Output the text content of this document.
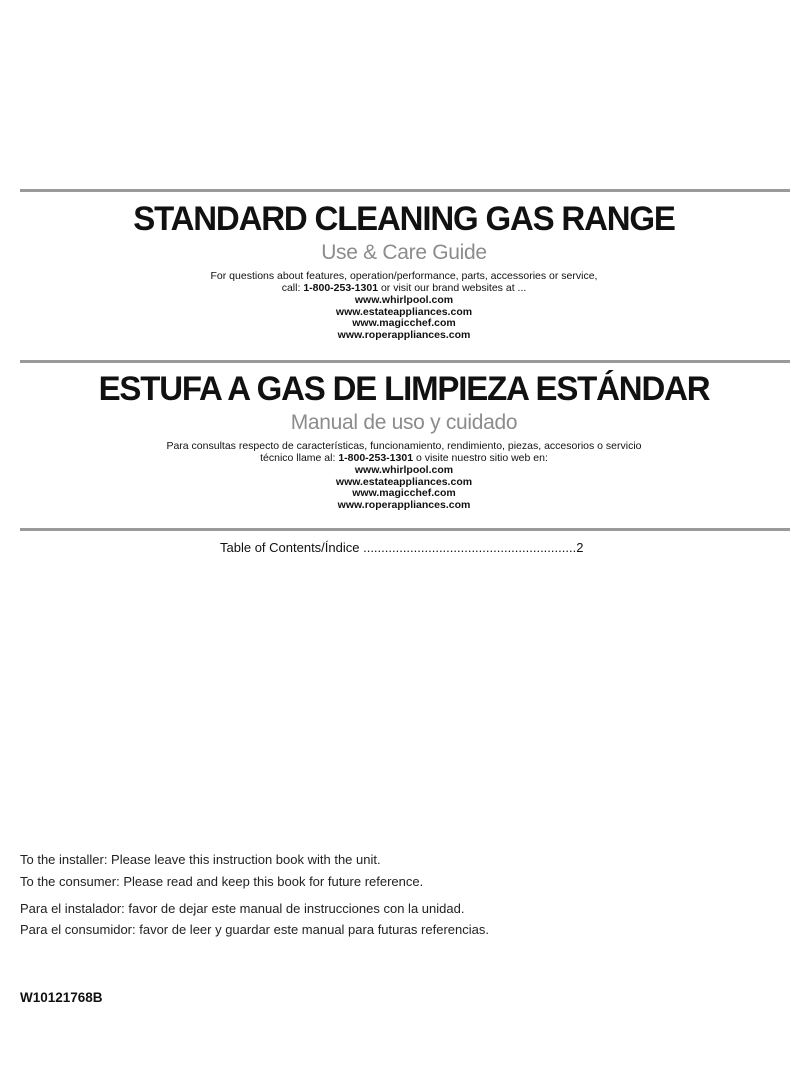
STANDARD CLEANING GAS RANGE
Use & Care Guide
For questions about features, operation/performance, parts, accessories or service,
call: 1-800-253-1301 or visit our brand websites at ...
www.whirlpool.com
www.estateappliances.com
www.magicchef.com
www.roperappliances.com
ESTUFA A GAS DE LIMPIEZA ESTÁNDAR
Manual de uso y cuidado
Para consultas respecto de características, funcionamiento, rendimiento, piezas, accesorios o servicio
técnico llame al: 1-800-253-1301 o visite nuestro sitio web en:
www.whirlpool.com
www.estateappliances.com
www.magicchef.com
www.roperappliances.com
Table of Contents/Índice ...........................................................2
To the installer: Please leave this instruction book with the unit.
To the consumer: Please read and keep this book for future reference.
Para el instalador: favor de dejar este manual de instrucciones con la unidad.
Para el consumidor: favor de leer y guardar este manual para futuras referencias.
W10121768B
